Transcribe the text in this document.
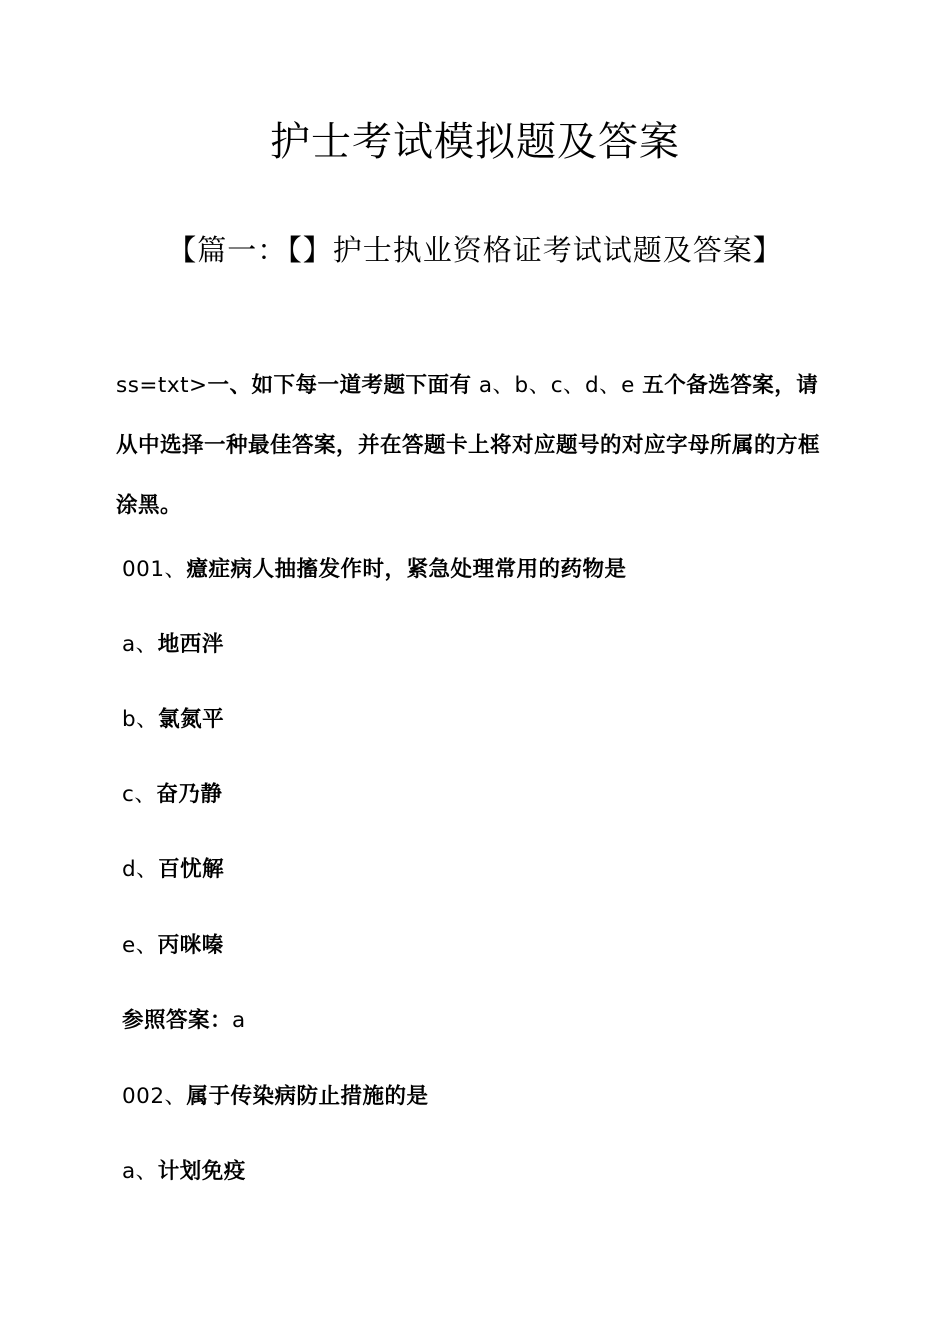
护士考试模拟题及答案
【篇一：【】护士执业资格证考试试题及答案】
ss=txt>一、如下每一道考题下面有 a、b、c、d、e 五个备选答案，请从中选择一种最佳答案，并在答题卡上将对应题号的对应字母所属的方框涂黑。
001、癔症病人抽搐发作时，紧急处理常用的药物是
a、地西泮
b、氯氮平
c、奋乃静
d、百忧解
e、丙咪嗪
参照答案：a
002、属于传染病防止措施的是
a、计划免疫
